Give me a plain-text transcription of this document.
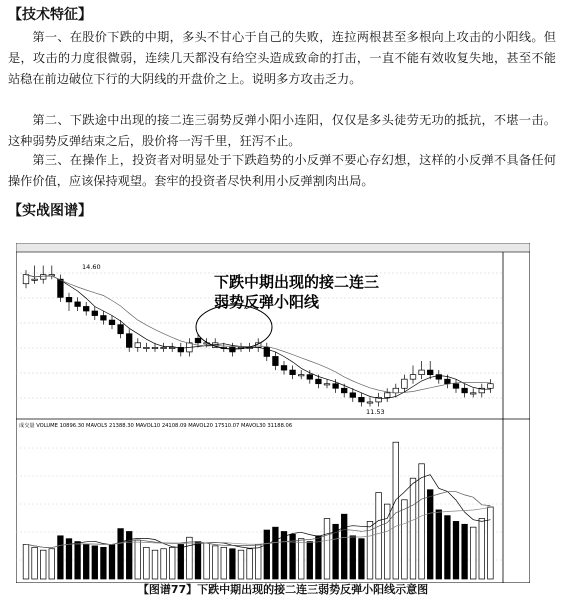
【技术特征】
第一、在股价下跌的中期，多头不甘心于自己的失败，连拉两根甚至多根向上攻击的小阳线。但是，攻击的力度很微弱，连续几天都没有给空头造成致命的打击，一直不能有效收复失地，甚至不能站稳在前边破位下行的大阴线的开盘价之上。说明多方攻击乏力。
第二、下跌途中出现的接二连三弱势反弹小阳小连阳，仅仅是多头徒劳无功的抵抗，不堪一击。这种弱势反弹结束之后，股价将一泻千里，狂泻不止。
第三、在操作上，投资者对明显处于下跌趋势的小反弹不要心存幻想，这样的小反弹不具备任何操作价值，应该保持观望。套牢的投资者尽快利用小反弹割肉出局。
【实战图谱】
14.60
11.53
成交量 VOLUME 10896.30 MAVOL5 21388.30 MAVOL10 24108.09 MAVOL20 17510.07 MAVOL30 31188.06
下跌中期出现的接二连三
弱势反弹小阳线
【图谱77】下跌中期出现的接二连三弱势反弹小阳线示意图
